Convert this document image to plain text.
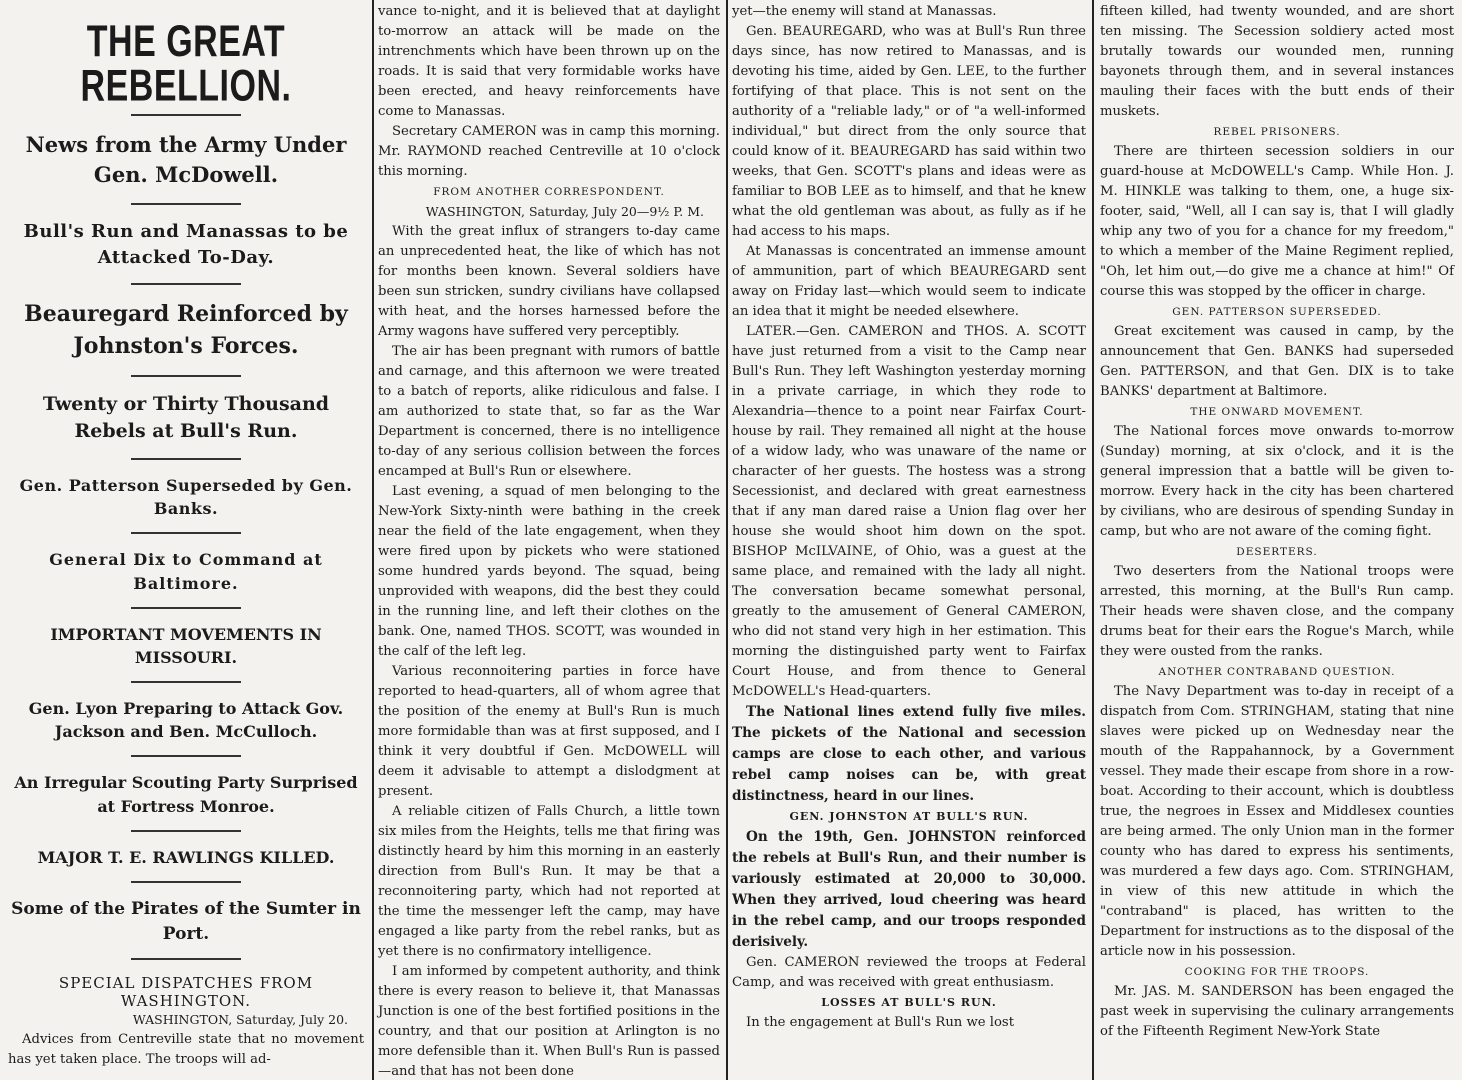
THE GREAT REBELLION.

News from the Army Under Gen. McDowell.

Bull's Run and Manassas to be Attacked To-Day.

Beauregard Reinforced by Johnston's Forces.

Twenty or Thirty Thousand Rebels at Bull's Run.

Gen. Patterson Superseded by Gen. Banks.

General Dix to Command at Baltimore.

IMPORTANT MOVEMENTS IN MISSOURI.

Gen. Lyon Preparing to Attack Gov. Jackson and Ben. McCulloch.

An Irregular Scouting Party Surprised at Fortress Monroe.

MAJOR T. E. RAWLINGS KILLED.

Some of the Pirates of the Sumter in Port.

SPECIAL DISPATCHES FROM WASHINGTON.

WASHINGTON, Saturday, July 20.

Advices from Centreville state that no movement has yet taken place. The troops will ad-

vance to-night, and it is believed that at daylight to-morrow an attack will be made on the intrenchments which have been thrown up on the roads. It is said that very formidable works have been erected, and heavy reinforcements have come to Manassas.

Secretary CAMERON was in camp this morning. Mr. RAYMOND reached Centreville at 10 o'clock this morning.

FROM ANOTHER CORRESPONDENT.

WASHINGTON, Saturday, July 20—9½ P. M.

With the great influx of strangers to-day came an unprecedented heat, the like of which has not for months been known. Several soldiers have been sun stricken, sundry civilians have collapsed with heat, and the horses harnessed before the Army wagons have suffered very perceptibly.

The air has been pregnant with rumors of battle and carnage, and this afternoon we were treated to a batch of reports, alike ridiculous and false. I am authorized to state that, so far as the War Department is concerned, there is no intelligence to-day of any serious collision between the forces encamped at Bull's Run or elsewhere.

Last evening, a squad of men belonging to the New-York Sixty-ninth were bathing in the creek near the field of the late engagement, when they were fired upon by pickets who were stationed some hundred yards beyond. The squad, being unprovided with weapons, did the best they could in the running line, and left their clothes on the bank. One, named THOS. SCOTT, was wounded in the calf of the left leg.

Various reconnoitering parties in force have reported to head-quarters, all of whom agree that the position of the enemy at Bull's Run is much more formidable than was at first supposed, and I think it very doubtful if Gen. McDOWELL will deem it advisable to attempt a dislodgment at present.

A reliable citizen of Falls Church, a little town six miles from the Heights, tells me that firing was distinctly heard by him this morning in an easterly direction from Bull's Run. It may be that a reconnoitering party, which had not reported at the time the messenger left the camp, may have engaged a like party from the rebel ranks, but as yet there is no confirmatory intelligence.

I am informed by competent authority, and think there is every reason to believe it, that Manassas Junction is one of the best fortified positions in the country, and that our position at Arlington is no more defensible than it. When Bull's Run is passed—and that has not been done

yet—the enemy will stand at Manassas.

Gen. BEAUREGARD, who was at Bull's Run three days since, has now retired to Manassas, and is devoting his time, aided by Gen. LEE, to the further fortifying of that place. This is not sent on the authority of a "reliable lady," or of "a well-informed individual," but direct from the only source that could know of it. BEAUREGARD has said within two weeks, that Gen. SCOTT's plans and ideas were as familiar to BOB LEE as to himself, and that he knew what the old gentleman was about, as fully as if he had access to his maps.

At Manassas is concentrated an immense amount of ammunition, part of which BEAUREGARD sent away on Friday last—which would seem to indicate an idea that it might be needed elsewhere.

LATER.—Gen. CAMERON and THOS. A. SCOTT have just returned from a visit to the Camp near Bull's Run. They left Washington yesterday morning in a private carriage, in which they rode to Alexandria—thence to a point near Fairfax Court-house by rail. They remained all night at the house of a widow lady, who was unaware of the name or character of her guests. The hostess was a strong Secessionist, and declared with great earnestness that if any man dared raise a Union flag over her house she would shoot him down on the spot. BISHOP McILVAINE, of Ohio, was a guest at the same place, and remained with the lady all night. The conversation became somewhat personal, greatly to the amusement of General CAMERON, who did not stand very high in her estimation. This morning the distinguished party went to Fairfax Court House, and from thence to General McDOWELL's Head-quarters.

The National lines extend fully five miles. The pickets of the National and secession camps are close to each other, and various rebel camp noises can be, with great distinctness, heard in our lines.

GEN. JOHNSTON AT BULL'S RUN.

On the 19th, Gen. JOHNSTON reinforced the rebels at Bull's Run, and their number is variously estimated at 20,000 to 30,000. When they arrived, loud cheering was heard in the rebel camp, and our troops responded derisively.

Gen. CAMERON reviewed the troops at Federal Camp, and was received with great enthusiasm.

LOSSES AT BULL'S RUN.

In the engagement at Bull's Run we lost

fifteen killed, had twenty wounded, and are short ten missing. The Secession soldiery acted most brutally towards our wounded men, running bayonets through them, and in several instances mauling their faces with the butt ends of their muskets.

REBEL PRISONERS.

There are thirteen secession soldiers in our guard-house at McDOWELL's Camp. While Hon. J. M. HINKLE was talking to them, one, a huge six-footer, said, "Well, all I can say is, that I will gladly whip any two of you for a chance for my freedom," to which a member of the Maine Regiment replied, "Oh, let him out,—do give me a chance at him!" Of course this was stopped by the officer in charge.

GEN. PATTERSON SUPERSEDED.

Great excitement was caused in camp, by the announcement that Gen. BANKS had superseded Gen. PATTERSON, and that Gen. DIX is to take BANKS' department at Baltimore.

THE ONWARD MOVEMENT.

The National forces move onwards to-morrow (Sunday) morning, at six o'clock, and it is the general impression that a battle will be given to-morrow. Every hack in the city has been chartered by civilians, who are desirous of spending Sunday in camp, but who are not aware of the coming fight.

DESERTERS.

Two deserters from the National troops were arrested, this morning, at the Bull's Run camp. Their heads were shaven close, and the company drums beat for their ears the Rogue's March, while they were ousted from the ranks.

ANOTHER CONTRABAND QUESTION.

The Navy Department was to-day in receipt of a dispatch from Com. STRINGHAM, stating that nine slaves were picked up on Wednesday near the mouth of the Rappahannock, by a Government vessel. They made their escape from shore in a row-boat. According to their account, which is doubtless true, the negroes in Essex and Middlesex counties are being armed. The only Union man in the former county who has dared to express his sentiments, was murdered a few days ago. Com. STRINGHAM, in view of this new attitude in which the "contraband" is placed, has written to the Department for instructions as to the disposal of the article now in his possession.

COOKING FOR THE TROOPS.

Mr. JAS. M. SANDERSON has been engaged the past week in supervising the culinary arrangements of the Fifteenth Regiment New-York State
